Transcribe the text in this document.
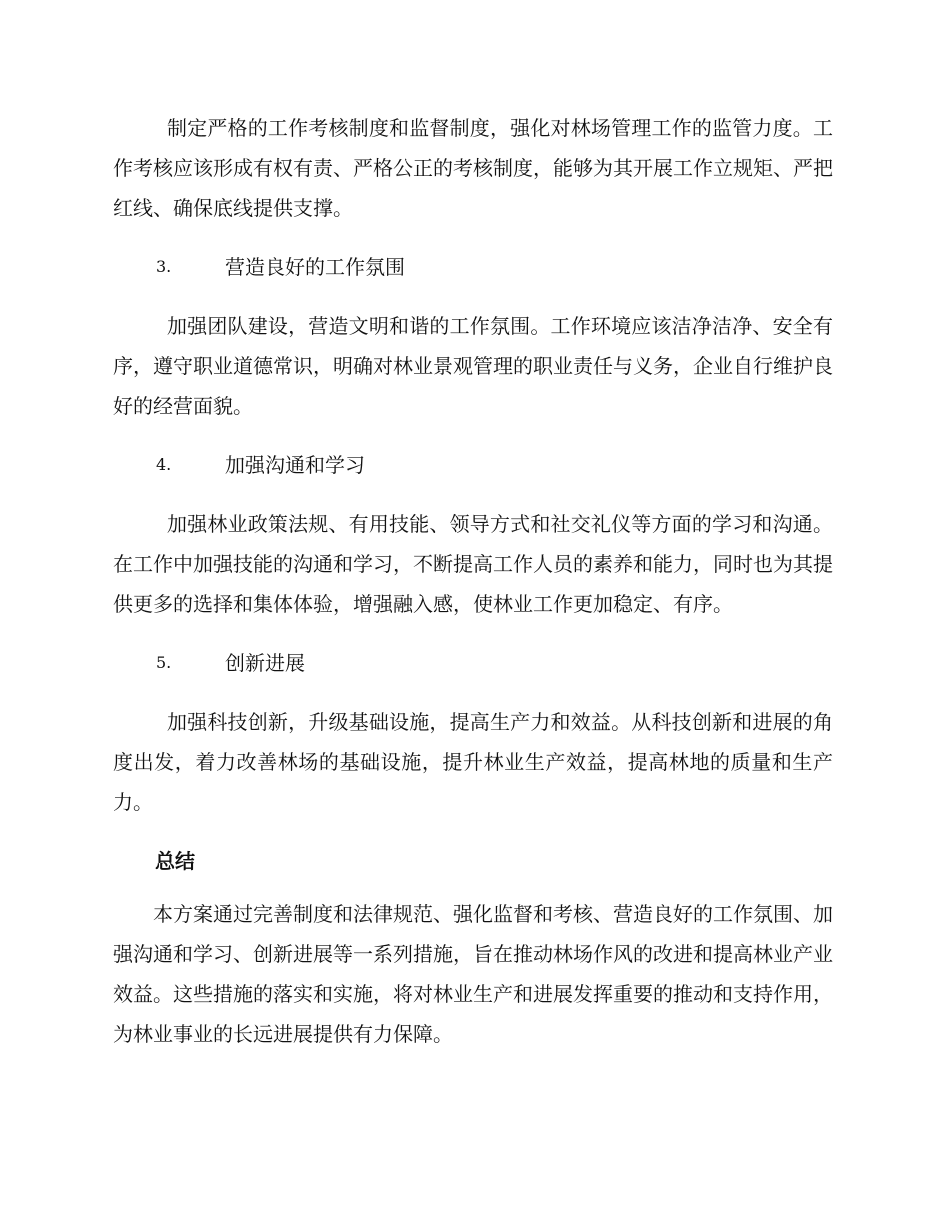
制定严格的工作考核制度和监督制度，强化对林场管理工作的监管力度。工作考核应该形成有权有责、严格公正的考核制度，能够为其开展工作立规矩、严把红线、确保底线提供支撑。

3.	营造良好的工作氛围

加强团队建设，营造文明和谐的工作氛围。工作环境应该洁净洁净、安全有序，遵守职业道德常识，明确对林业景观管理的职业责任与义务，企业自行维护良好的经营面貌。

4.	加强沟通和学习

加强林业政策法规、有用技能、领导方式和社交礼仪等方面的学习和沟通。在工作中加强技能的沟通和学习，不断提高工作人员的素养和能力，同时也为其提供更多的选择和集体体验，增强融入感，使林业工作更加稳定、有序。

5.	创新进展

加强科技创新，升级基础设施，提高生产力和效益。从科技创新和进展的角度出发，着力改善林场的基础设施，提升林业生产效益，提高林地的质量和生产力。

总结

本方案通过完善制度和法律规范、强化监督和考核、营造良好的工作氛围、加强沟通和学习、创新进展等一系列措施，旨在推动林场作风的改进和提高林业产业效益。这些措施的落实和实施，将对林业生产和进展发挥重要的推动和支持作用，为林业事业的长远进展提供有力保障。
